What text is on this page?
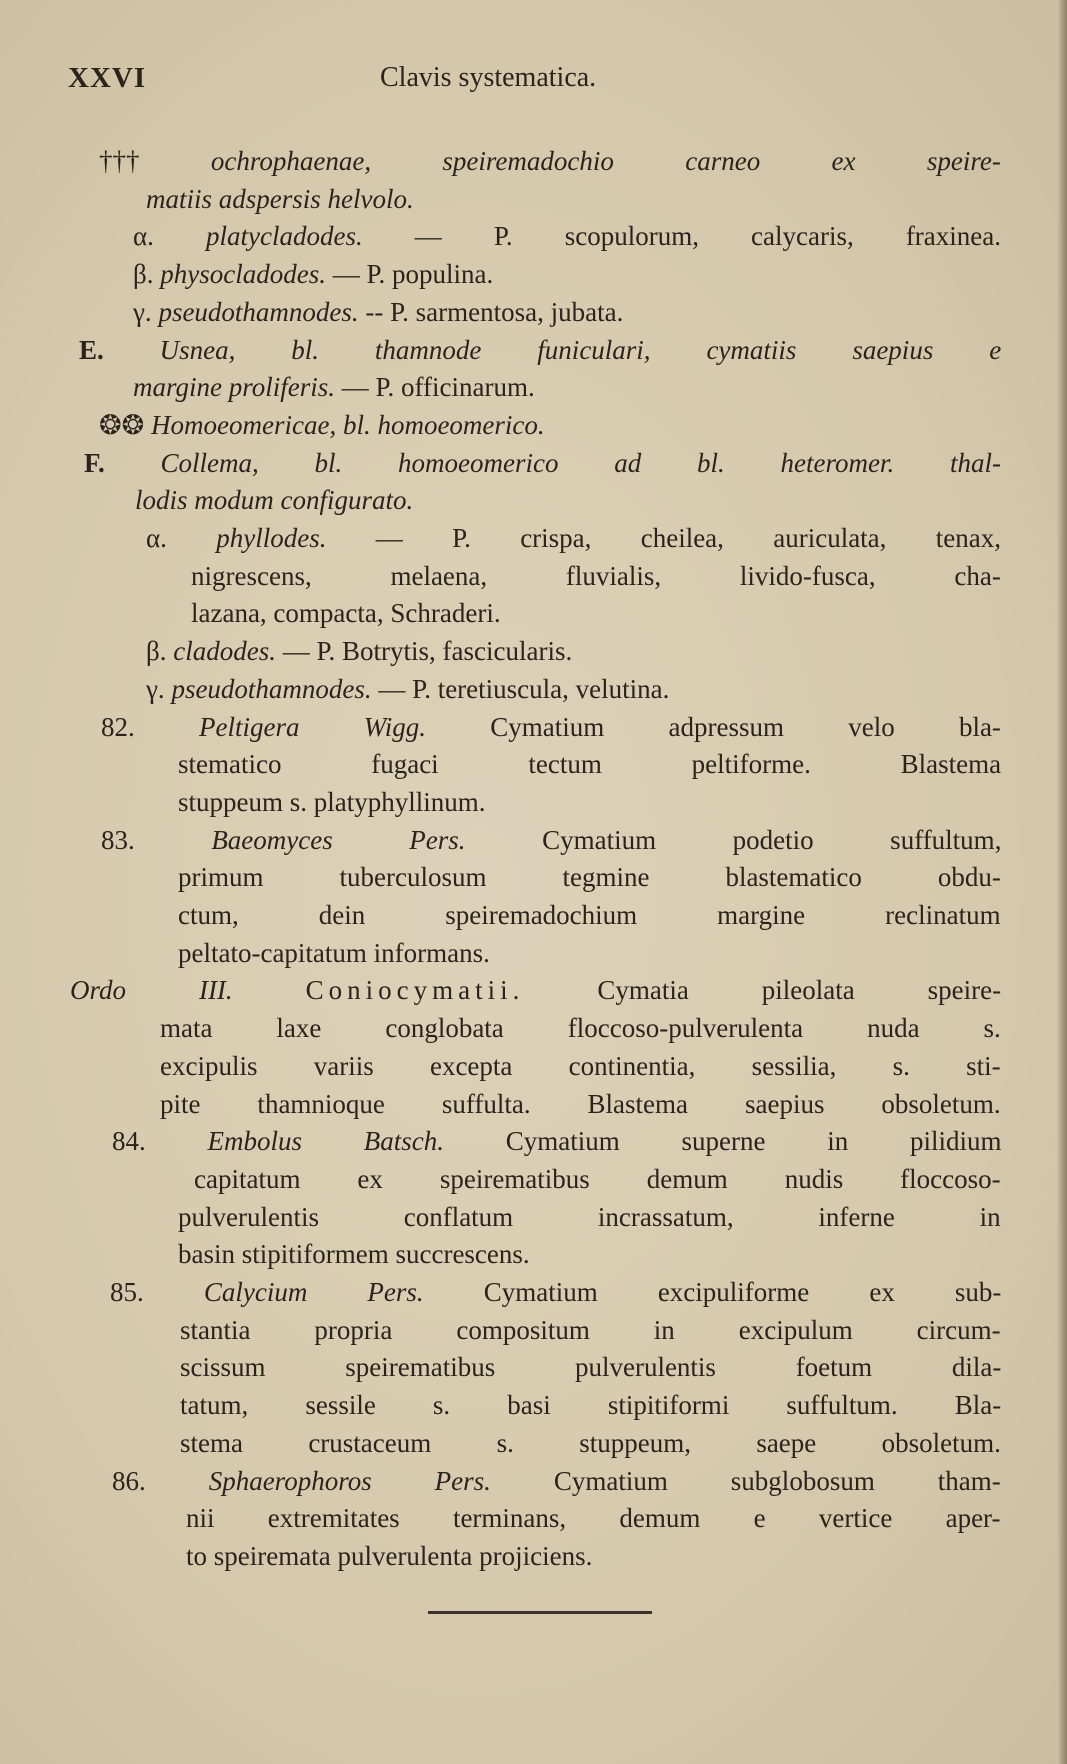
XXVI	Clavis systematica.
††† ochrophaenae, speiremadochio carneo ex speire-
matiis adspersis helvolo.
α. platycladodes. — P. scopulorum, calycaris, fraxinea.
β. physocladodes. — P. populina.
γ. pseudothamnodes. -- P. sarmentosa, jubata.
E. Usnea, bl. thamnode funiculari, cymatiis saepius e
margine proliferis. — P. officinarum.
❂❂ Homoeomericae, bl. homoeomerico.
F. Collema, bl. homoeomerico ad bl. heteromer. thal-
lodis modum configurato.
α. phyllodes. — P. crispa, cheilea, auriculata, tenax,
nigrescens, melaena, fluvialis, livido-fusca, cha-
lazana, compacta, Schraderi.
β. cladodes. — P. Botrytis, fascicularis.
γ. pseudothamnodes. — P. teretiuscula, velutina.
82. Peltigera Wigg. Cymatium adpressum velo bla-
stematico fugaci tectum peltiforme. Blastema
stuppeum s. platyphyllinum.
83. Baeomyces Pers. Cymatium podetio suffultum,
primum tuberculosum tegmine blastematico obdu-
ctum, dein speiremadochium margine reclinatum
peltato-capitatum informans.
Ordo III.	Coniocymatii. Cymatia pileolata speire-
mata laxe conglobata floccoso-pulverulenta nuda s.
excipulis variis excepta continentia, sessilia, s. sti-
pite thamnioque suffulta. Blastema saepius obsoletum.
84. Embolus Batsch. Cymatium superne in pilidium
capitatum ex speirematibus demum nudis floccoso-
pulverulentis conflatum incrassatum, inferne in
basin stipitiformem succrescens.
85. Calycium Pers. Cymatium excipuliforme ex sub-
stantia propria compositum in excipulum circum-
scissum speirematibus pulverulentis foetum dila-
tatum, sessile s. basi stipitiformi suffultum. Bla-
stema crustaceum s. stuppeum, saepe obsoletum.
86. Sphaerophoros Pers. Cymatium subglobosum tham-
nii extremitates terminans, demum e vertice aper-
to speiremata pulverulenta projiciens.
